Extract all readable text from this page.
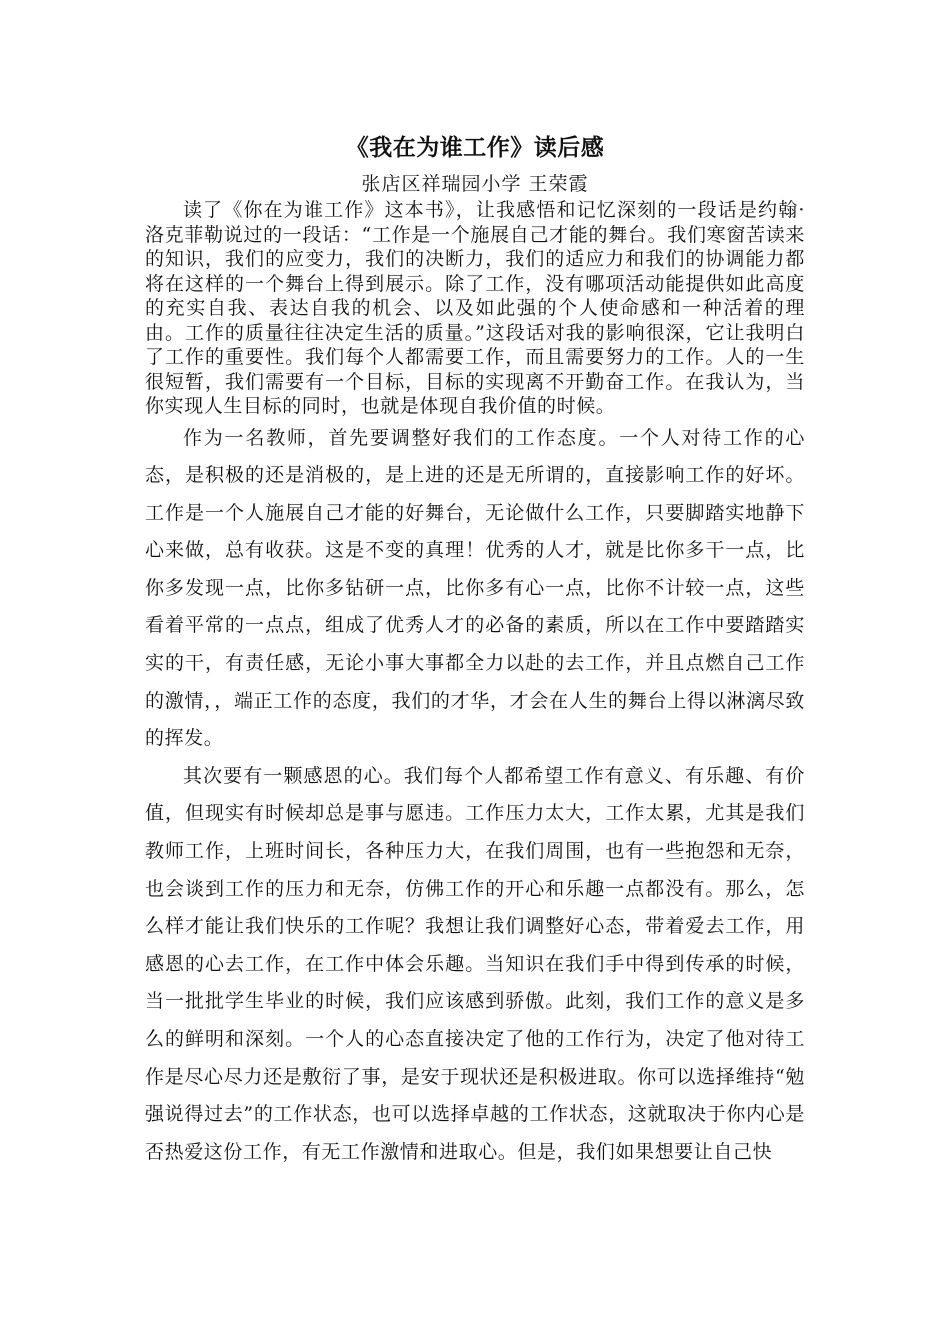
《我在为谁工作》读后感

张店区祥瑞园小学 王荣霞

读了《你在为谁工作》这本书》，让我感悟和记忆深刻的一段话是约翰·洛克菲勒说过的一段话：“工作是一个施展自己才能的舞台。我们寒窗苦读来的知识，我们的应变力，我们的决断力，我们的适应力和我们的协调能力都将在这样的一个舞台上得到展示。除了工作，没有哪项活动能提供如此高度的充实自我、表达自我的机会、以及如此强的个人使命感和一种活着的理由。工作的质量往往决定生活的质量。”这段话对我的影响很深，它让我明白了工作的重要性。我们每个人都需要工作，而且需要努力的工作。人的一生很短暂，我们需要有一个目标，目标的实现离不开勤奋工作。在我认为，当你实现人生目标的同时，也就是体现自我价值的时候。

作为一名教师，首先要调整好我们的工作态度。一个人对待工作的心态，是积极的还是消极的，是上进的还是无所谓的，直接影响工作的好坏。工作是一个人施展自己才能的好舞台，无论做什么工作，只要脚踏实地静下心来做，总有收获。这是不变的真理！优秀的人才，就是比你多干一点，比你多发现一点，比你多钻研一点，比你多有心一点，比你不计较一点，这些看着平常的一点点，组成了优秀人才的必备的素质，所以在工作中要踏踏实实的干，有责任感，无论小事大事都全力以赴的去工作，并且点燃自己工作的激情，，端正工作的态度，我们的才华，才会在人生的舞台上得以淋漓尽致的挥发。

其次要有一颗感恩的心。我们每个人都希望工作有意义、有乐趣、有价值，但现实有时候却总是事与愿违。工作压力太大，工作太累，尤其是我们教师工作，上班时间长，各种压力大，在我们周围，也有一些抱怨和无奈，也会谈到工作的压力和无奈，仿佛工作的开心和乐趣一点都没有。那么，怎么样才能让我们快乐的工作呢？我想让我们调整好心态，带着爱去工作，用感恩的心去工作，在工作中体会乐趣。当知识在我们手中得到传承的时候，当一批批学生毕业的时候，我们应该感到骄傲。此刻，我们工作的意义是多么的鲜明和深刻。一个人的心态直接决定了他的工作行为，决定了他对待工作是尽心尽力还是敷衍了事，是安于现状还是积极进取。你可以选择维持“勉强说得过去”的工作状态，也可以选择卓越的工作状态，这就取决于你内心是否热爱这份工作，有无工作激情和进取心。但是，我们如果想要让自己快
